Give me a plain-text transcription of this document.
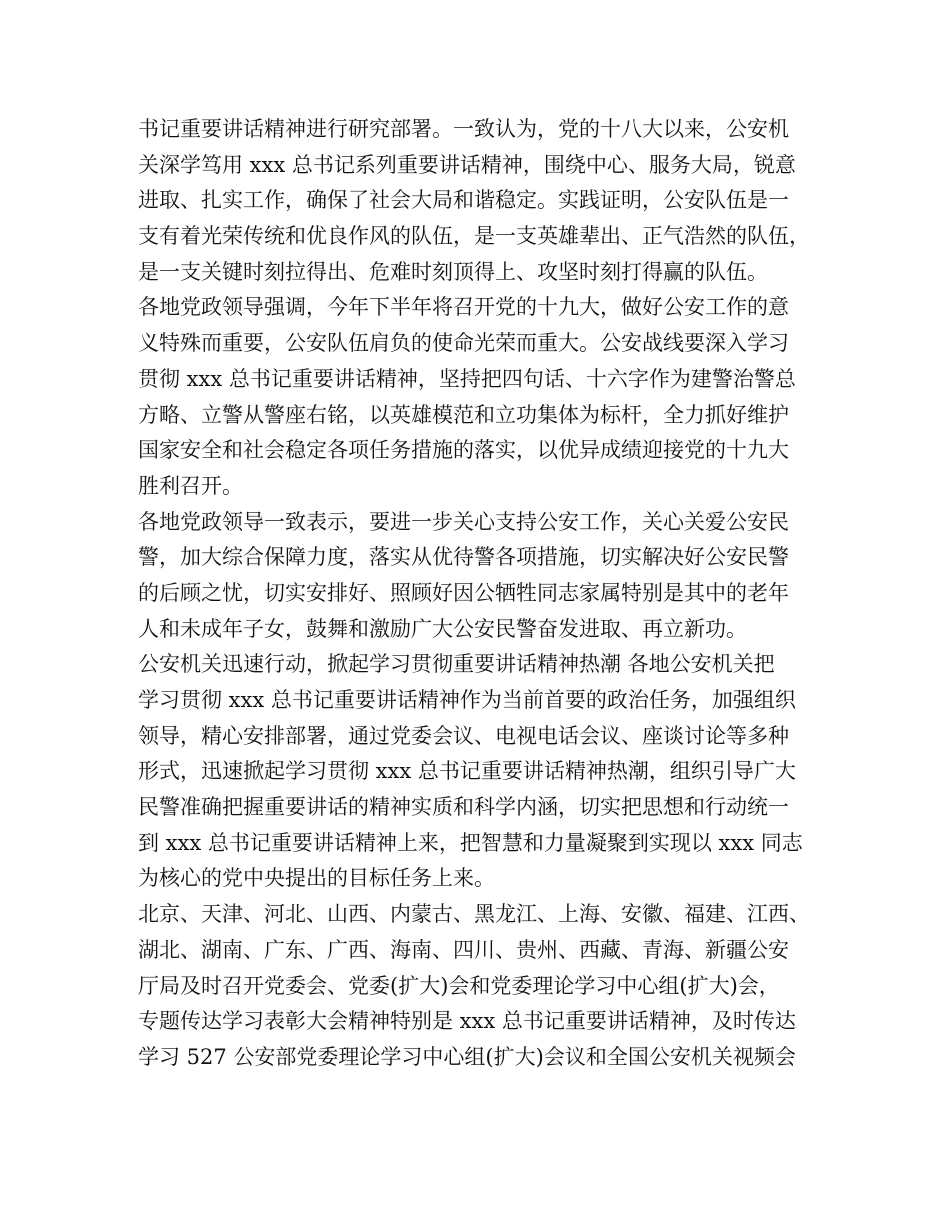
书记重要讲话精神进行研究部署。一致认为，党的十八大以来，公安机
关深学笃用 xxx 总书记系列重要讲话精神，围绕中心、服务大局，锐意
进取、扎实工作，确保了社会大局和谐稳定。实践证明，公安队伍是一
支有着光荣传统和优良作风的队伍，是一支英雄辈出、正气浩然的队伍，
是一支关键时刻拉得出、危难时刻顶得上、攻坚时刻打得赢的队伍。
各地党政领导强调，今年下半年将召开党的十九大，做好公安工作的意
义特殊而重要，公安队伍肩负的使命光荣而重大。公安战线要深入学习
贯彻 xxx 总书记重要讲话精神，坚持把四句话、十六字作为建警治警总
方略、立警从警座右铭，以英雄模范和立功集体为标杆，全力抓好维护
国家安全和社会稳定各项任务措施的落实，以优异成绩迎接党的十九大
胜利召开。
各地党政领导一致表示，要进一步关心支持公安工作，关心关爱公安民
警，加大综合保障力度，落实从优待警各项措施，切实解决好公安民警
的后顾之忧，切实安排好、照顾好因公牺牲同志家属特别是其中的老年
人和未成年子女，鼓舞和激励广大公安民警奋发进取、再立新功。
公安机关迅速行动，掀起学习贯彻重要讲话精神热潮 各地公安机关把
学习贯彻 xxx 总书记重要讲话精神作为当前首要的政治任务，加强组织
领导，精心安排部署，通过党委会议、电视电话会议、座谈讨论等多种
形式，迅速掀起学习贯彻 xxx 总书记重要讲话精神热潮，组织引导广大
民警准确把握重要讲话的精神实质和科学内涵，切实把思想和行动统一
到 xxx 总书记重要讲话精神上来，把智慧和力量凝聚到实现以 xxx 同志
为核心的党中央提出的目标任务上来。
北京、天津、河北、山西、内蒙古、黑龙江、上海、安徽、福建、江西、
湖北、湖南、广东、广西、海南、四川、贵州、西藏、青海、新疆公安
厅局及时召开党委会、党委(扩大)会和党委理论学习中心组(扩大)会，
专题传达学习表彰大会精神特别是 xxx 总书记重要讲话精神，及时传达
学习 527 公安部党委理论学习中心组(扩大)会议和全国公安机关视频会
